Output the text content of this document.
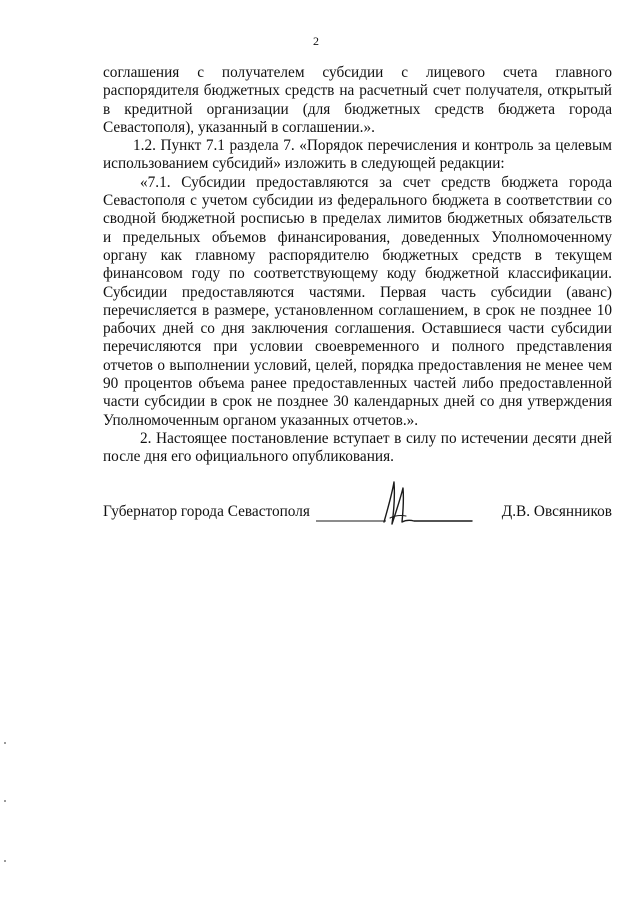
2

соглашения с получателем субсидии с лицевого счета главного распорядителя бюджетных средств на расчетный счет получателя, открытый в кредитной организации (для бюджетных средств бюджета города Севастополя), указанный в соглашении.».

1.2. Пункт 7.1 раздела 7. «Порядок перечисления и контроль за целевым использованием субсидий» изложить в следующей редакции:

«7.1. Субсидии предоставляются за счет средств бюджета города Севастополя с учетом субсидии из федерального бюджета в соответствии со сводной бюджетной росписью в пределах лимитов бюджетных обязательств и предельных объемов финансирования, доведенных Уполномоченному органу как главному распорядителю бюджетных средств в текущем финансовом году по соответствующему коду бюджетной классификации. Субсидии предоставляются частями. Первая часть субсидии (аванс) перечисляется в размере, установленном соглашением, в срок не позднее 10 рабочих дней со дня заключения соглашения. Оставшиеся части субсидии перечисляются при условии своевременного и полного представления отчетов о выполнении условий, целей, порядка предоставления не менее чем 90 процентов объема ранее предоставленных частей либо предоставленной части субсидии в срок не позднее 30 календарных дней со дня утверждения Уполномоченным органом указанных отчетов.».

2. Настоящее постановление вступает в силу по истечении десяти дней после дня его официального опубликования.

Губернатор города Севастополя	Д.В. Овсянников
